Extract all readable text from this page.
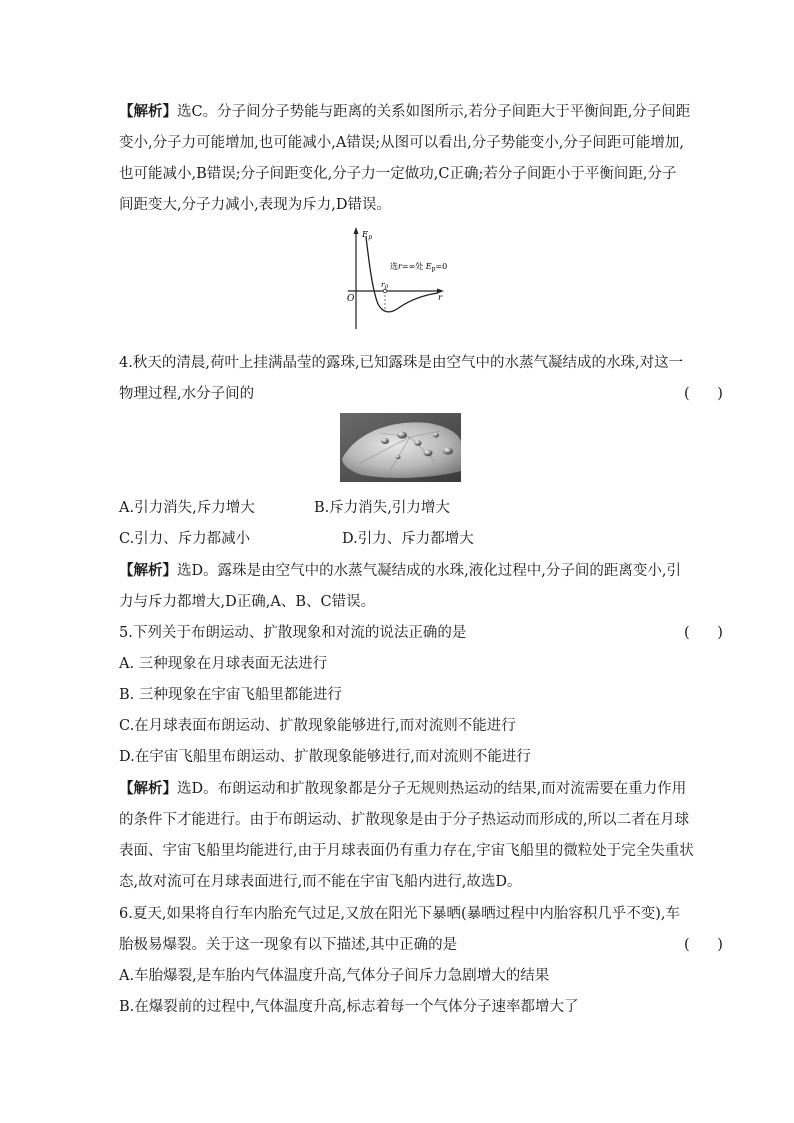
【解析】选C。分子间分子势能与距离的关系如图所示,若分子间距大于平衡间距,分子间距
变小,分子力可能增加,也可能减小,A错误;从图可以看出,分子势能变小,分子间距可能增加,
也可能减小,B错误;分子间距变化,分子力一定做功,C正确;若分子间距小于平衡间距,分子
间距变大,分子力减小,表现为斥力,D错误。
$E_p$
r
O
$r_0$
选r=∞处 Ep=0
4.秋天的清晨,荷叶上挂满晶莹的露珠,已知露珠是由空气中的水蒸气凝结成的水珠,对这一
物理过程,水分子间的	(      )
A.引力消失,斥力增大	B.斥力消失,引力增大
C.引力、斥力都减小	D.引力、斥力都增大
【解析】选D。露珠是由空气中的水蒸气凝结成的水珠,液化过程中,分子间的距离变小,引
力与斥力都增大,D正确,A、B、C错误。
5.下列关于布朗运动、扩散现象和对流的说法正确的是	(      )
A. 三种现象在月球表面无法进行
B. 三种现象在宇宙飞船里都能进行
C.在月球表面布朗运动、扩散现象能够进行,而对流则不能进行
D.在宇宙飞船里布朗运动、扩散现象能够进行,而对流则不能进行
【解析】选D。布朗运动和扩散现象都是分子无规则热运动的结果,而对流需要在重力作用
的条件下才能进行。由于布朗运动、扩散现象是由于分子热运动而形成的,所以二者在月球
表面、宇宙飞船里均能进行,由于月球表面仍有重力存在,宇宙飞船里的微粒处于完全失重状
态,故对流可在月球表面进行,而不能在宇宙飞船内进行,故选D。
6.夏天,如果将自行车内胎充气过足,又放在阳光下暴晒(暴晒过程中内胎容积几乎不变),车
胎极易爆裂。关于这一现象有以下描述,其中正确的是	(      )
A.车胎爆裂,是车胎内气体温度升高,气体分子间斥力急剧增大的结果
B.在爆裂前的过程中,气体温度升高,标志着每一个气体分子速率都增大了
